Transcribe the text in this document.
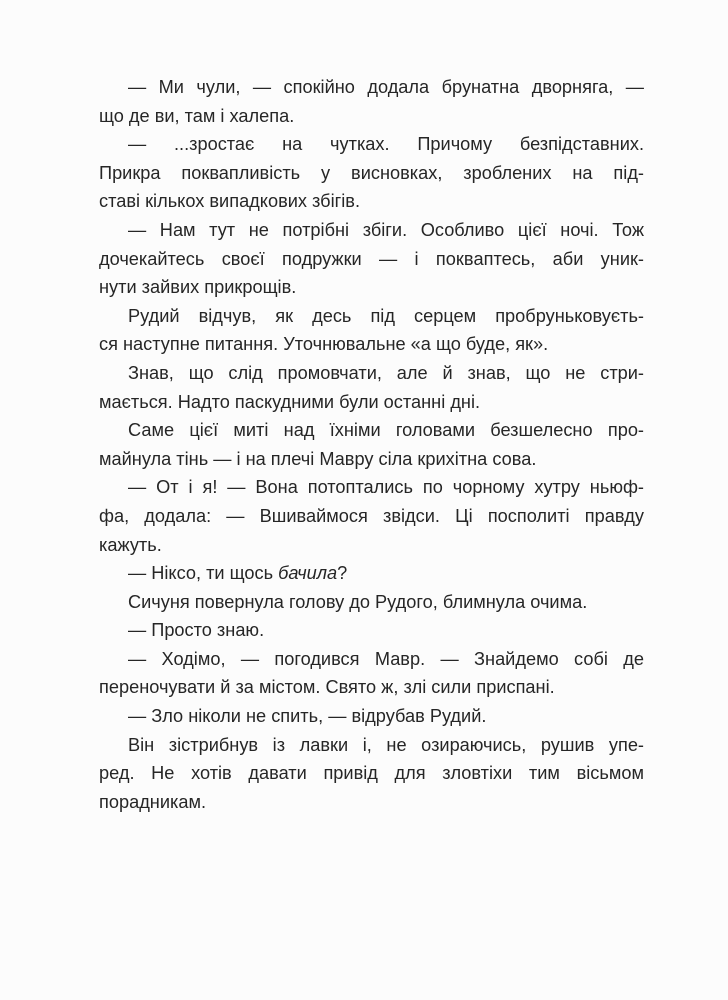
— Ми чули, — спокійно додала брунатна дворняга, —
що де ви, там і халепа.
— ...зростає на чутках. Причому безпідставних.
Прикра поквапливість у висновках, зроблених на під-
ставі кількох випадкових збігів.
— Нам тут не потрібні збіги. Особливо цієї ночі. Тож
дочекайтесь своєї подружки — і поквaптесь, аби уник-
нути зайвих прикрощів.
Рудий відчув, як десь під серцем пробруньковуєть-
ся наступне питання. Уточнювальне «а що буде, як».
Знав, що слід промовчати, але й знав, що не стри-
мається. Надто паскудними були останні дні.
Саме цієї миті над їхніми головами безшелесно про-
майнула тінь — і на плечі Мавру сіла крихітна сова.
— От і я! — Вона потоптались по чорному хутру ньюф-
фа, додала: — Вшиваймося звідси. Ці посполиті правду
кажуть.
— Ніксо, ти щось бачила?
Сичуня повернула голову до Рудого, блимнула очима.
— Просто знаю.
— Ходімо, — погодився Мавр. — Знайдемо собі де
переночувати й за містом. Свято ж, злі сили приспані.
— Зло ніколи не спить, — відрубав Рудий.
Він зістрибнув із лавки і, не озираючись, рушив упе-
ред. Не хотів давати привід для зловтіхи тим вісьмом
порадникам.
